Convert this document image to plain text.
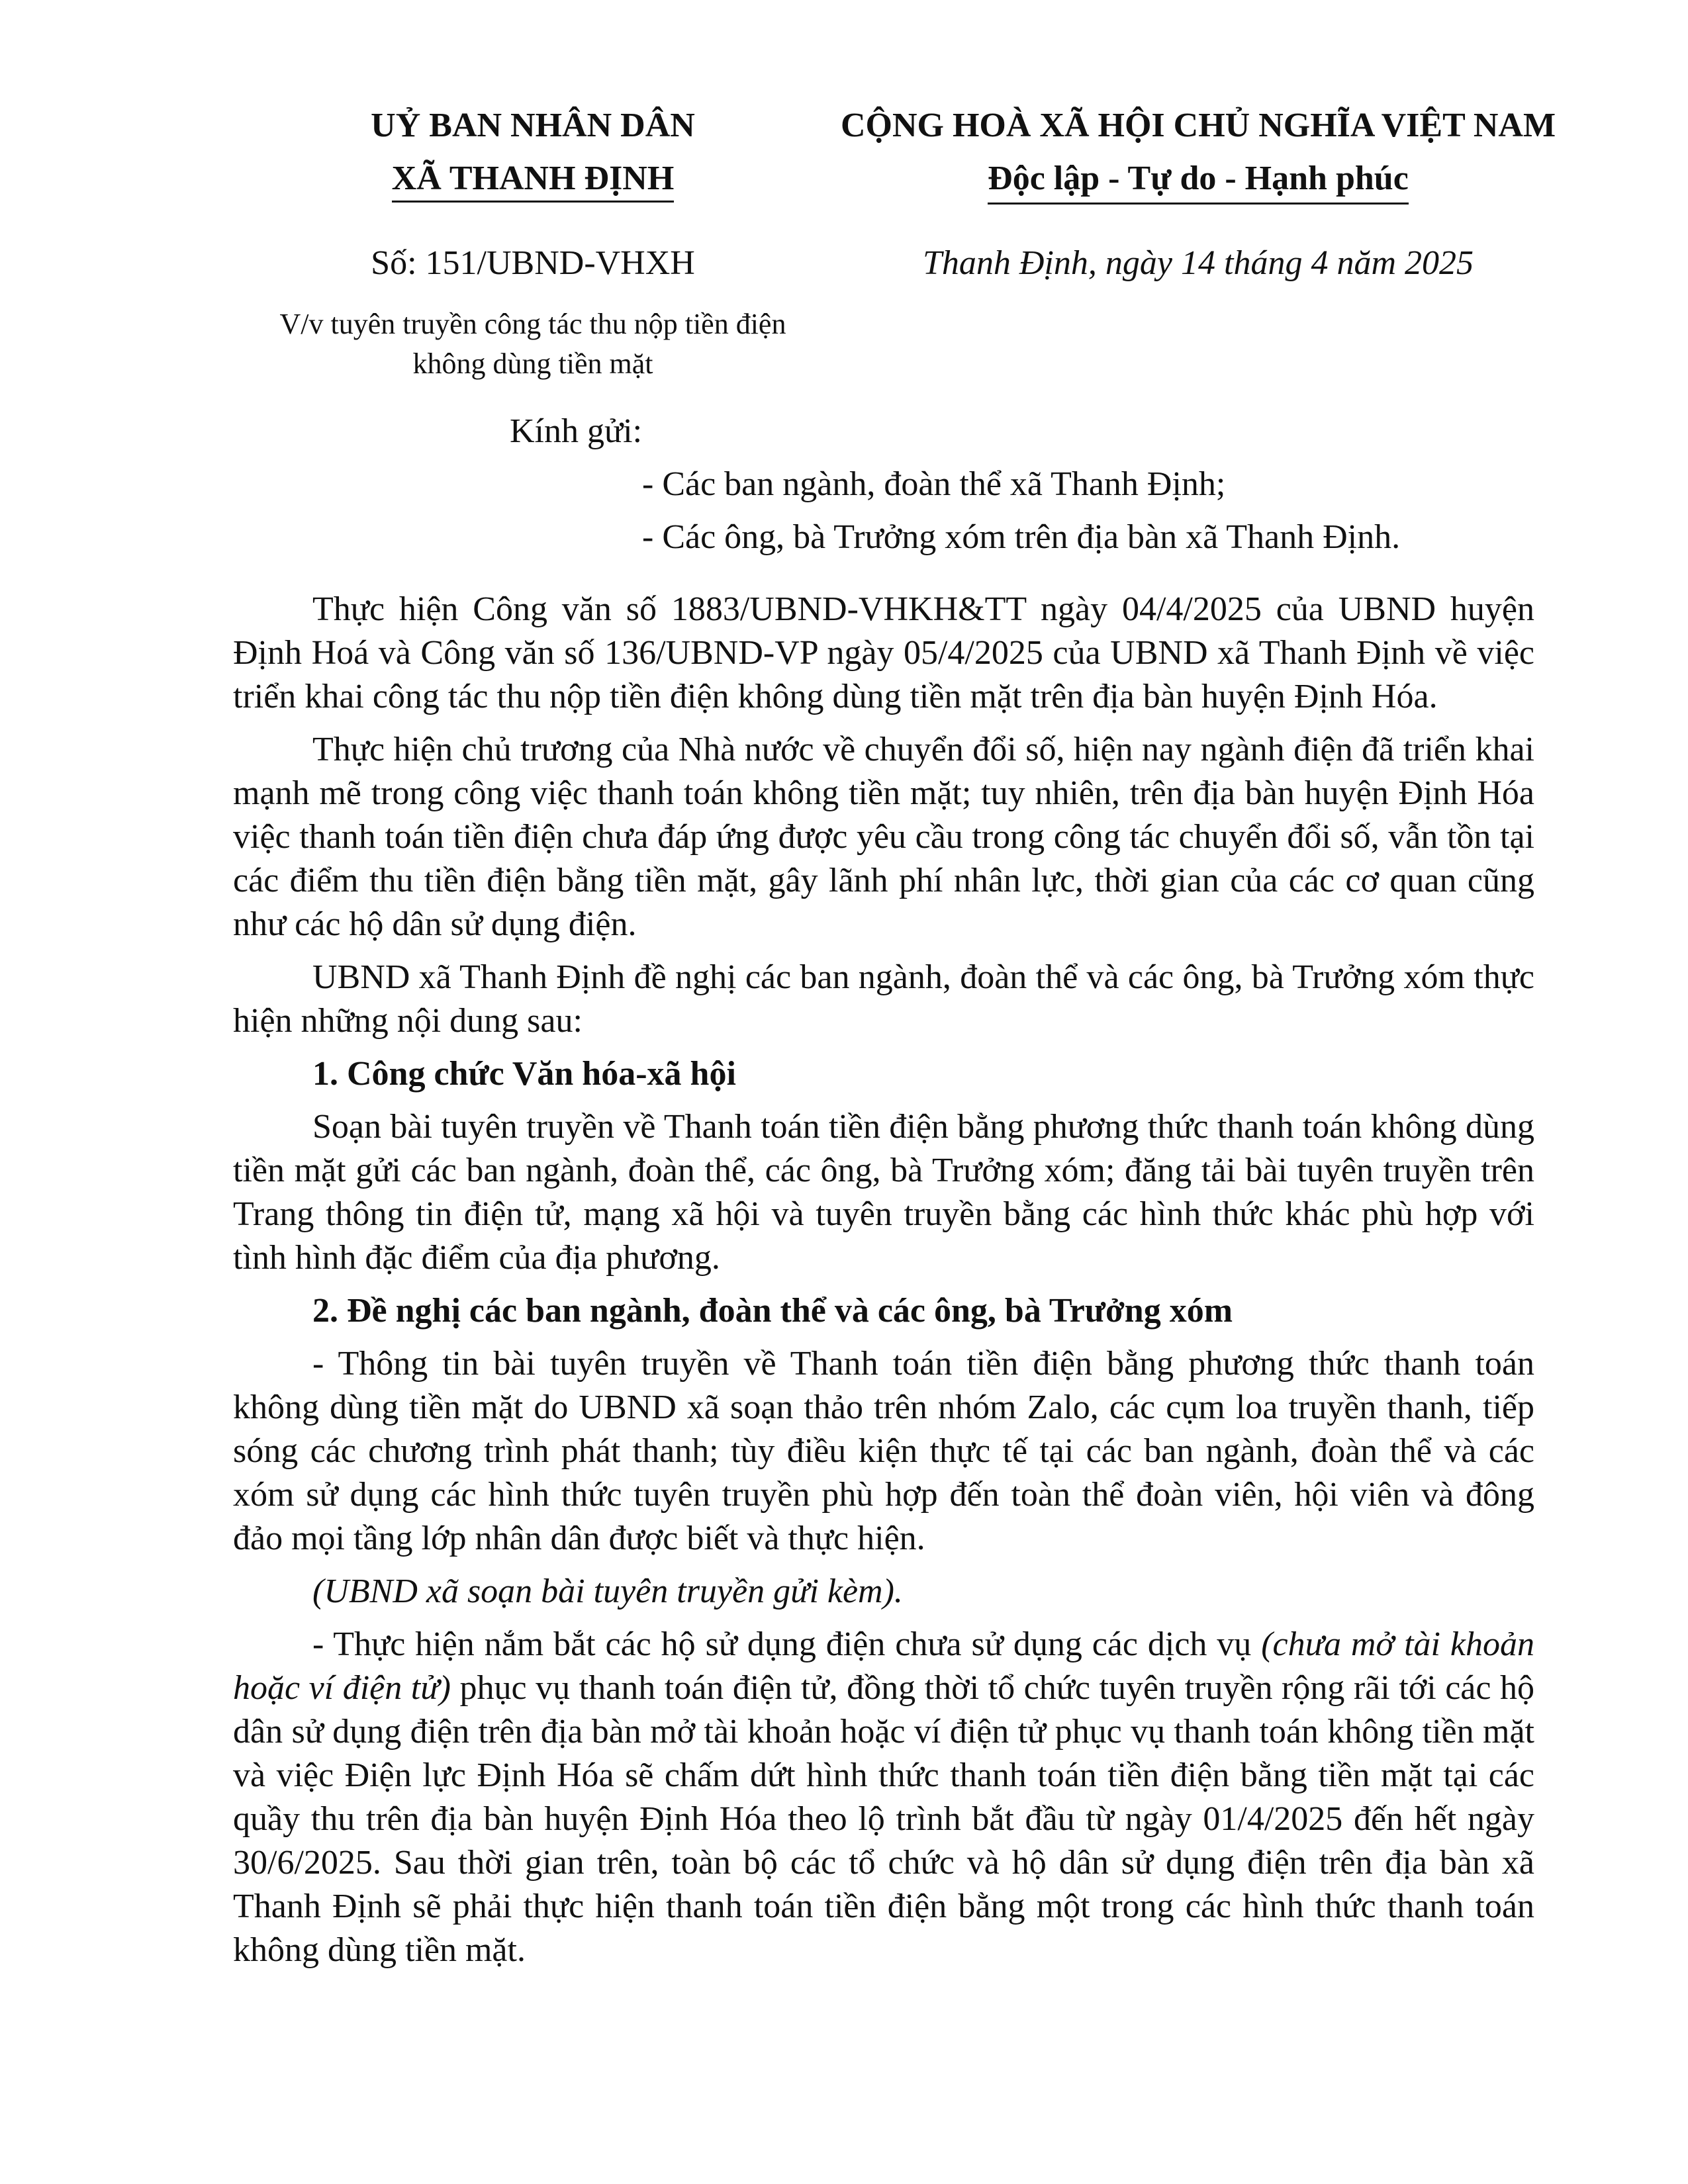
UỶ BAN NHÂN DÂN
XÃ THANH ĐỊNH
Số: 151/UBND-VHXH
V/v tuyên truyền công tác thu nộp tiền điện
không dùng tiền mặt
CỘNG HOÀ XÃ HỘI CHỦ NGHĨA VIỆT NAM
Độc lập - Tự do - Hạnh phúc
Thanh Định, ngày 14 tháng 4 năm 2025
Kính gửi:
- Các ban ngành, đoàn thể xã Thanh Định;
- Các ông, bà Trưởng xóm trên địa bàn xã Thanh Định.

Thực hiện Công văn số 1883/UBND-VHKH&TT ngày 04/4/2025 của UBND huyện Định Hoá và Công văn số 136/UBND-VP ngày 05/4/2025 của UBND xã Thanh Định về việc triển khai công tác thu nộp tiền điện không dùng tiền mặt trên địa bàn huyện Định Hóa.

Thực hiện chủ trương của Nhà nước về chuyển đổi số, hiện nay ngành điện đã triển khai mạnh mẽ trong công việc thanh toán không tiền mặt; tuy nhiên, trên địa bàn huyện Định Hóa việc thanh toán tiền điện chưa đáp ứng được yêu cầu trong công tác chuyển đổi số, vẫn tồn tại các điểm thu tiền điện bằng tiền mặt, gây lãnh phí nhân lực, thời gian của các cơ quan cũng như các hộ dân sử dụng điện.

UBND xã Thanh Định đề nghị các ban ngành, đoàn thể và các ông, bà Trưởng xóm thực hiện những nội dung sau:

1. Công chức Văn hóa-xã hội

Soạn bài tuyên truyền về Thanh toán tiền điện bằng phương thức thanh toán không dùng tiền mặt gửi các ban ngành, đoàn thể, các ông, bà Trưởng xóm; đăng tải bài tuyên truyền trên Trang thông tin điện tử, mạng xã hội và tuyên truyền bằng các hình thức khác phù hợp với tình hình đặc điểm của địa phương.

2. Đề nghị các ban ngành, đoàn thể và các ông, bà Trưởng xóm

- Thông tin bài tuyên truyền về Thanh toán tiền điện bằng phương thức thanh toán không dùng tiền mặt do UBND xã soạn thảo trên nhóm Zalo, các cụm loa truyền thanh, tiếp sóng các chương trình phát thanh; tùy điều kiện thực tế tại các ban ngành, đoàn thể và các xóm sử dụng các hình thức tuyên truyền phù hợp đến toàn thể đoàn viên, hội viên và đông đảo mọi tầng lớp nhân dân được biết và thực hiện.

(UBND xã soạn bài tuyên truyền gửi kèm).

- Thực hiện nắm bắt các hộ sử dụng điện chưa sử dụng các dịch vụ (chưa mở tài khoản hoặc ví điện tử) phục vụ thanh toán điện tử, đồng thời tổ chức tuyên truyền rộng rãi tới các hộ dân sử dụng điện trên địa bàn mở tài khoản hoặc ví điện tử phục vụ thanh toán không tiền mặt và việc Điện lực Định Hóa sẽ chấm dứt hình thức thanh toán tiền điện bằng tiền mặt tại các quầy thu trên địa bàn huyện Định Hóa theo lộ trình bắt đầu từ ngày 01/4/2025 đến hết ngày 30/6/2025. Sau thời gian trên, toàn bộ các tổ chức và hộ dân sử dụng điện trên địa bàn xã Thanh Định sẽ phải thực hiện thanh toán tiền điện bằng một trong các hình thức thanh toán không dùng tiền mặt.
